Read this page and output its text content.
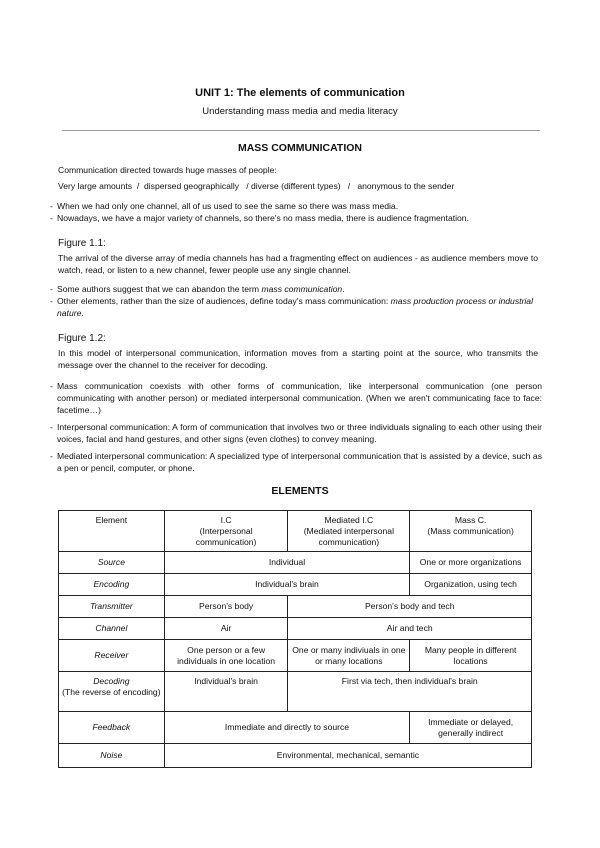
UNIT 1: The elements of communication
Understanding mass media and media literacy
MASS COMMUNICATION
Communication directed towards huge masses of people:
Very large amounts  /  dispersed geographically   / diverse (different types)   /   anonymous to the sender
- When we had only one channel, all of us used to see the same so there was mass media.
- Nowadays, we have a major variety of channels, so there's no mass media, there is audience fragmentation.
Figure 1.1:
The arrival of the diverse array of media channels has had a fragmenting effect on audiences - as audience members move to watch, read, or listen to a new channel, fewer people use any single channel.
- Some authors suggest that we can abandon the term mass communication.
- Other elements, rather than the size of audiences, define today's mass communication: mass production process or industrial nature.
Figure 1.2:
In this model of interpersonal communication, information moves from a starting point at the source, who transmits the message over the channel to the receiver for decoding.
- Mass communication coexists with other forms of communication, like interpersonal communication (one person communicating with another person) or mediated interpersonal communication. (When we aren't communicating face to face: facetime…)
- Interpersonal communication: A form of communication that involves two or three individuals signaling to each other using their voices, facial and hand gestures, and other signs (even clothes) to convey meaning.
- Mediated interpersonal communication: A specialized type of interpersonal communication that is assisted by a device, such as a pen or pencil, computer, or phone.
ELEMENTS
Element	I.C
(Interpersonal
communication)	Mediated I.C
(Mediated interpersonal
communication)	Mass C.
(Mass communication)
Source	Individual		One or more organizations
Encoding	Individual's brain		Organization, using tech
Transmitter	Person's body	Person's body and tech	
Channel	Air	Air and tech	
Receiver	One person or a few individuals in one location	One or many indiviuals in one or many locations	Many people in different locations
Decoding
(The reverse of encoding)	Individual's brain	First via tech, then individual's brain	
Feedback	Immediate and directly to source		Immediate or delayed, generally indirect
Noise	Environmental, mechanical, semantic		
